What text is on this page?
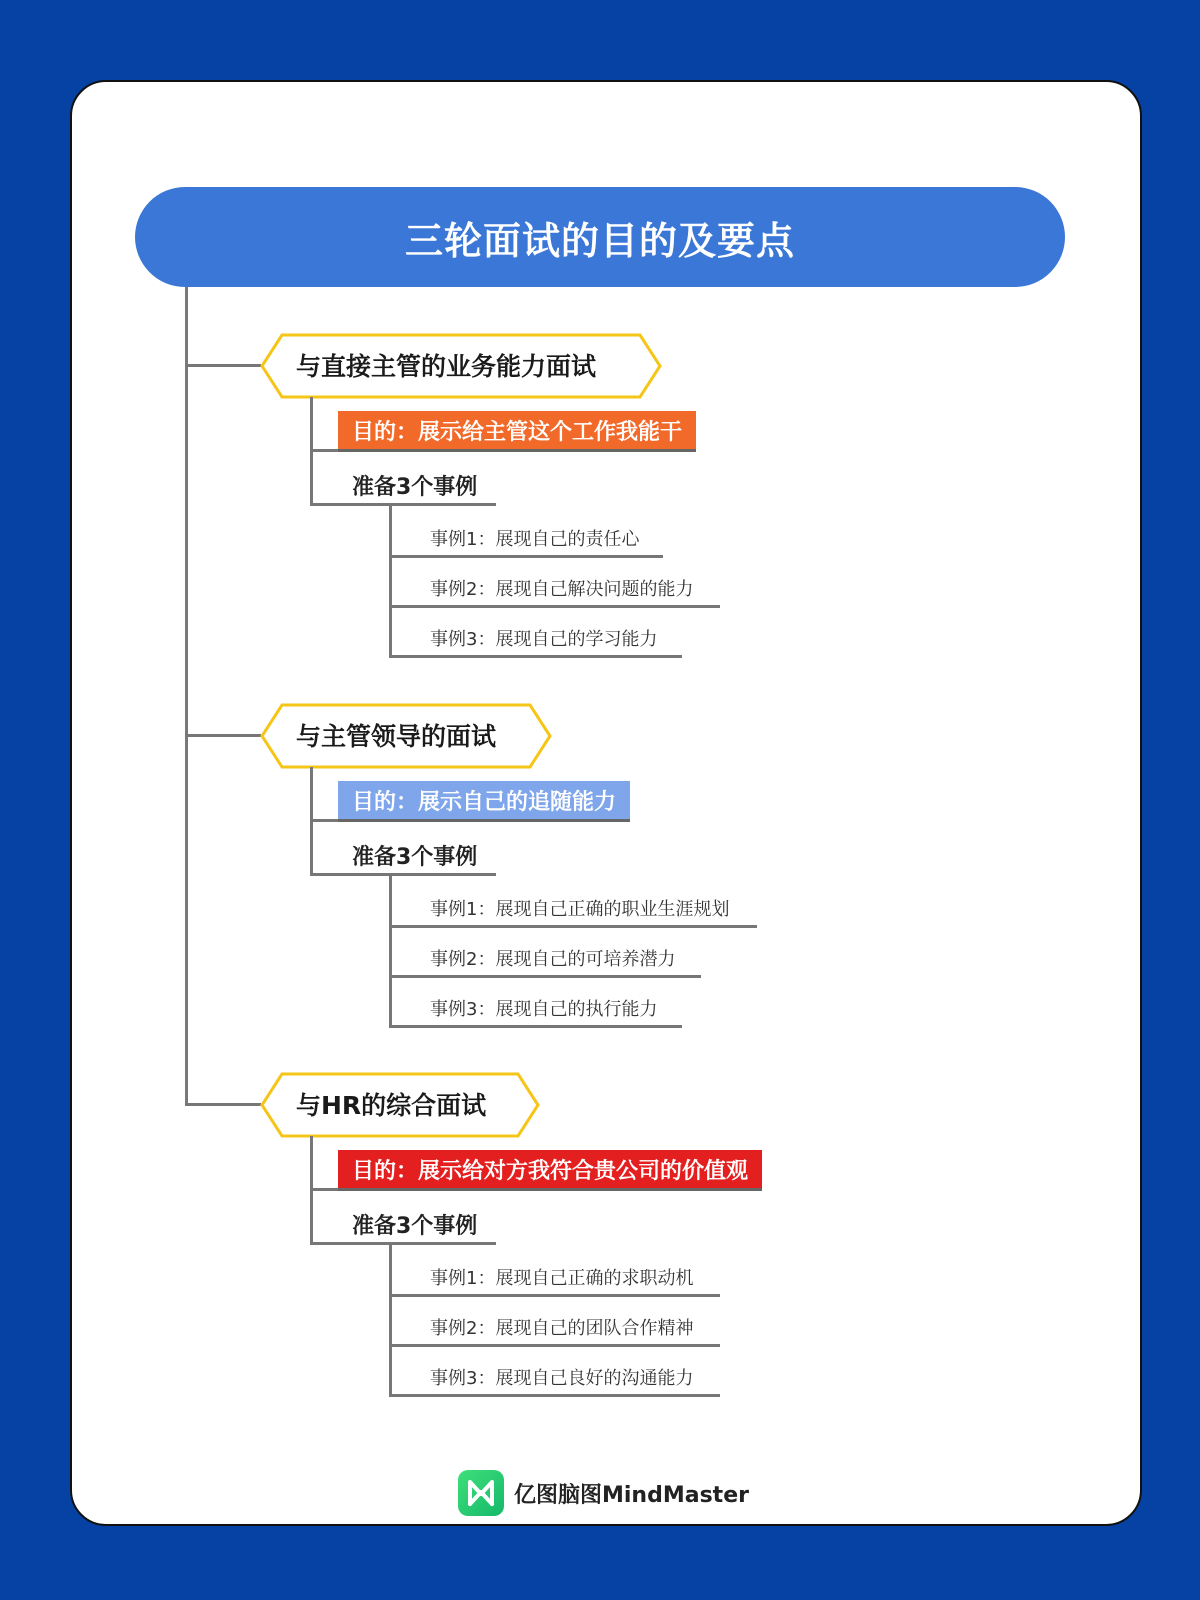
三轮面试的目的及要点
与直接主管的业务能力面试
目的：展示给主管这个工作我能干
准备3个事例
事例1：展现自己的责任心
事例2：展现自己解决问题的能力
事例3：展现自己的学习能力
与主管领导的面试
目的：展示自己的追随能力
准备3个事例
事例1：展现自己正确的职业生涯规划
事例2：展现自己的可培养潜力
事例3：展现自己的执行能力
与HR的综合面试
目的：展示给对方我符合贵公司的价值观
准备3个事例
事例1：展现自己正确的求职动机
事例2：展现自己的团队合作精神
事例3：展现自己良好的沟通能力
亿图脑图MindMaster
